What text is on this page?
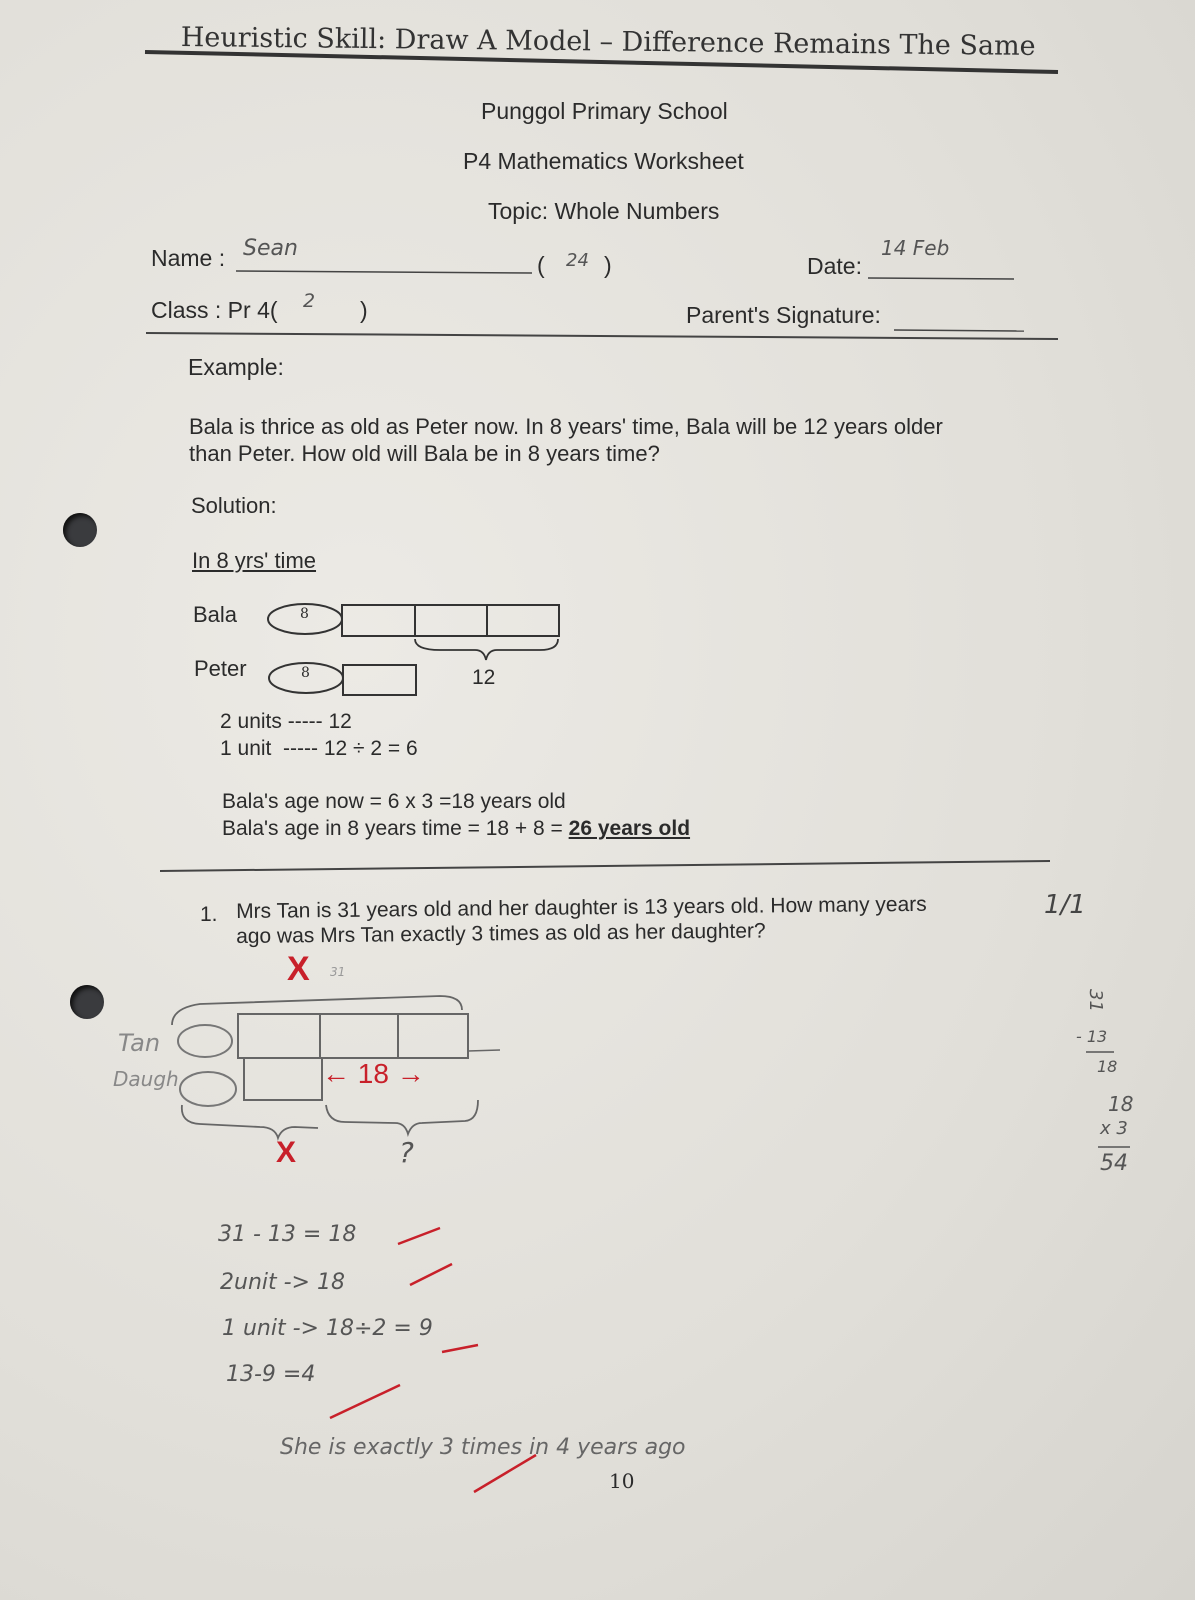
Heuristic Skill: Draw A Model – Difference Remains The Same
Punggol Primary School
P4 Mathematics Worksheet
Topic: Whole Numbers
Name : Sean
( 24 )	Date:
14 Feb
Class : Pr 4( 2 )	Parent's Signature:
Example:
Bala is thrice as old as Peter now. In 8 years' time, Bala will be 12 years older
than Peter. How old will Bala be in 8 years time?
Solution:
In 8 yrs' time
Bala
Peter
8
8	12
2 units ----- 12
1 unit  ----- 12 ÷ 2 = 6
Bala's age now = 6 x 3 =18 years old
Bala's age in 8 years time = 18 + 8 = 26 years old
1. Mrs Tan is 31 years old and her daughter is 13 years old. How many years
ago was Mrs Tan exactly 3 times as old as her daughter?
Tan
Daugh	← 18 →
X 31
X	?
31 - 13 = 18
2unit -> 18
1 unit -> 18÷2 = 9
13-9 =4
She is exactly 3 times in 4 years ago
1/1
31
- 13
18
18
x 3
54
10
